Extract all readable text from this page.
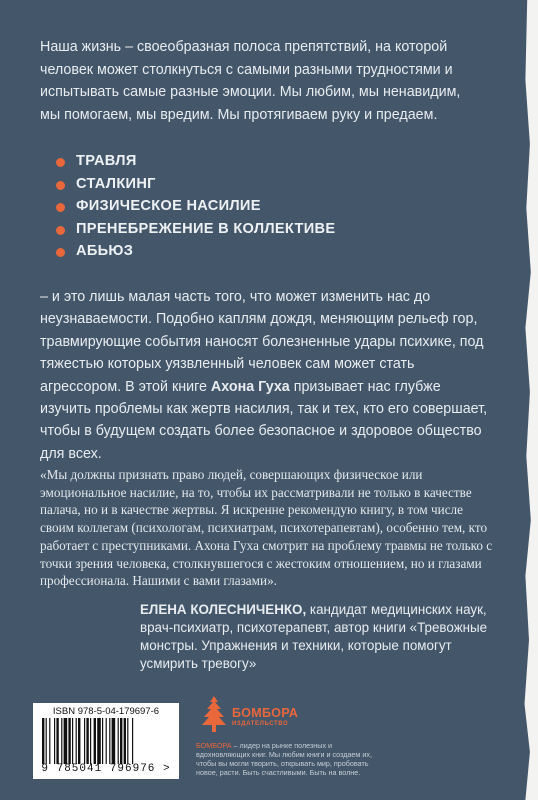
Наша жизнь – своеобразная полоса препятствий, на которой человек может столкнуться с самыми разными трудностями и испытывать самые разные эмоции. Мы любим, мы ненавидим, мы помогаем, мы вредим. Мы протягиваем руку и предаем.

ТРАВЛЯ
СТАЛКИНГ
ФИЗИЧЕСКОЕ НАСИЛИЕ
ПРЕНЕБРЕЖЕНИЕ В КОЛЛЕКТИВЕ
АБЬЮЗ

– и это лишь малая часть того, что может изменить нас до неузнаваемости. Подобно каплям дождя, меняющим рельеф гор, травмирующие события наносят болезненные удары психике, под тяжестью которых уязвленный человек сам может стать агрессором. В этой книге Ахона Гуха призывает нас глубже изучить проблемы как жертв насилия, так и тех, кто его совершает, чтобы в будущем создать более безопасное и здоровое общество для всех.

«Мы должны признать право людей, совершающих физическое или эмоциональное насилие, на то, чтобы их рассматривали не только в качестве палача, но и в качестве жертвы. Я искренне рекомендую книгу, в том числе своим коллегам (психологам, психиатрам, психотерапевтам), особенно тем, кто работает с преступниками. Ахона Гуха смотрит на проблему травмы не только с точки зрения человека, столкнувшегося с жестоким отношением, но и глазами профессионала. Нашими с вами глазами».

ЕЛЕНА КОЛЕСНИЧЕНКО, кандидат медицинских наук, врач-психиатр, психотерапевт, автор книги «Тревожные монстры. Упражнения и техники, которые помогут усмирить тревогу»

ISBN 978-5-04-179697-6
9 785041 796976 >
БОМБОРА
ИЗДАТЕЛЬСТВО

БОМБОРА – лидер на рынке полезных и вдохновляющих книг. Мы любим книги и создаем их, чтобы вы могли творить, открывать мир, пробовать новое, расти. Быть счастливыми. Быть на волне.
